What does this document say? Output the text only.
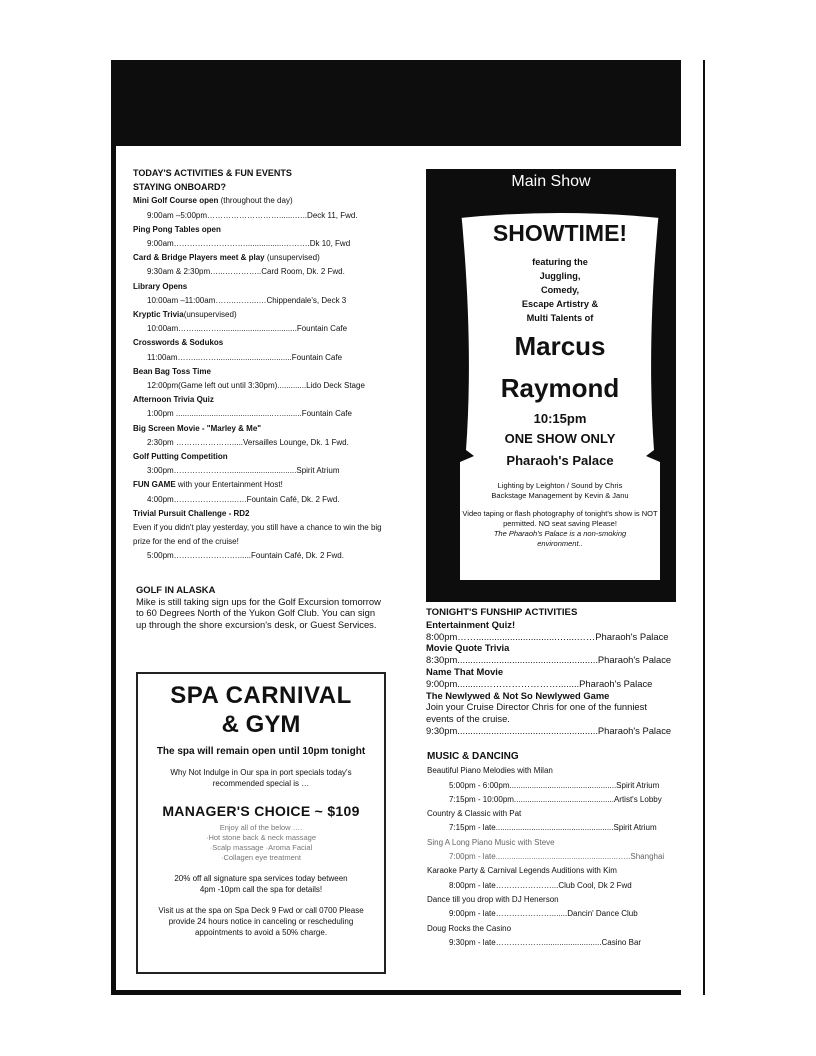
TODAY'S ACTIVITIES & FUN EVENTS
STAYING ONBOARD?
Mini Golf Course open (throughout the day)
9:00am –5:00pm……………………….......…..Deck 11, Fwd.
Ping Pong Tables open
9:00am……………………….................……….Dk 10, Fwd
Card & Bridge Players meet & play (unsupervised)
9:30am & 2:30pm…...…………..Card Room, Dk. 2 Fwd.
Library Opens
10:00am –11:00am……..……...…Chippendale's, Deck 3
Kryptic Trivia(unsupervised)
10:00am……....……...................................Fountain Cafe
Crosswords & Sodukos
11:00am……...……..................................Fountain Cafe
Bean Bag Toss Time
12:00pm(Game left out until 3:30pm).............Lido Deck Stage
Afternoon Trivia Quiz
1:00pm ............................................….........Fountain Cafe
Big Screen Movie - "Marley & Me"
2:30pm ………………….....Versailles Lounge, Dk. 1 Fwd.
Golf Putting Competition
3:00pm…………………..............................Spirit Atrium
FUN GAME with your Entertainment Host!
4:00pm…………………...….Fountain Café, Dk. 2 Fwd.
Trivial Pursuit Challenge - RD2
Even if you didn't play yesterday, you still have a chance to win the big prize for the end of the cruise!
5:00pm……………………......Fountain Café, Dk. 2 Fwd.
GOLF IN ALASKA
Mike is still taking sign ups for the Golf Excursion tomorrow to 60 Degrees North of the Yukon Golf Club. You can sign up through the shore excursion's desk, or Guest Services.
SPA CARNIVAL
& GYM
The spa will remain open until 10pm tonight
Why Not Indulge in Our spa in port specials today's recommended special is …
MANAGER'S CHOICE ~ $109
Enjoy all of the below ….
·Hot stone back & neck massage
·Scalp massage ·Aroma Facial
·Collagen eye treatment
20% off all signature spa services today between 4pm -10pm call the spa for details!
Visit us at the spa on Spa Deck 9 Fwd or call 0700 Please provide 24 hours notice in canceling or rescheduling appointments to avoid a 50% charge.
Main Show
SHOWTIME!
featuring the
Juggling,
Comedy,
Escape Artistry &
Multi Talents of
Marcus
Raymond
10:15pm
ONE SHOW ONLY
Pharaoh's Palace
Lighting by Leighton / Sound by Chris
Backstage Management by Kevin & Janu
Video taping or flash photography of tonight's show is NOT permitted. NO seat saving Please!
The Pharaoh's Palace is a non-smoking environment..
TONIGHT'S FUNSHIP ACTIVITIES
Entertainment Quiz!
8:00pm……...............................…....……Pharaoh's Palace
Movie Quote Trivia
8:30pm......................................................Pharaoh's Palace
Name That Movie
9:00pm..........……………………........Pharaoh's Palace
The Newlywed & Not So Newlywed Game
Join your Cruise Director Chris for one of the funniest events of the cruise.
9:30pm......................................................Pharaoh's Palace
MUSIC & DANCING
Beautiful Piano Melodies with Milan
5:00pm - 6:00pm................................................Spirit Atrium
7:15pm - 10:00pm.............................................Artist's Lobby
Country & Classic with Pat
7:15pm - late.....................................................Spirit Atrium
Sing A Long Piano Music with Steve
7:00pm - late.......................................................…..Shanghai
Karaoke Party & Carnival Legends Auditions with Kim
8:00pm - late…………………...Club Cool, Dk 2 Fwd
Dance till you drop with DJ Henerson
9:00pm - late………………….......Dancin' Dance Club
Doug Rocks the Casino
9:30pm - late………………..........................Casino Bar
